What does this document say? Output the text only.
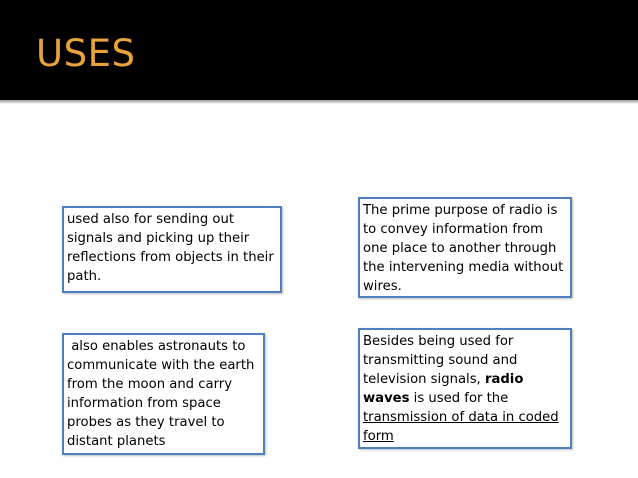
USES
used also for sending out signals and picking up their reflections from objects in their path.
The prime purpose of radio is to convey information from one place to another through the intervening media without wires.
also enables astronauts to communicate with the earth from the moon and carry information from space probes as they travel to distant planets
Besides being used for transmitting sound and television signals, radio waves is used for the transmission of data in coded form
